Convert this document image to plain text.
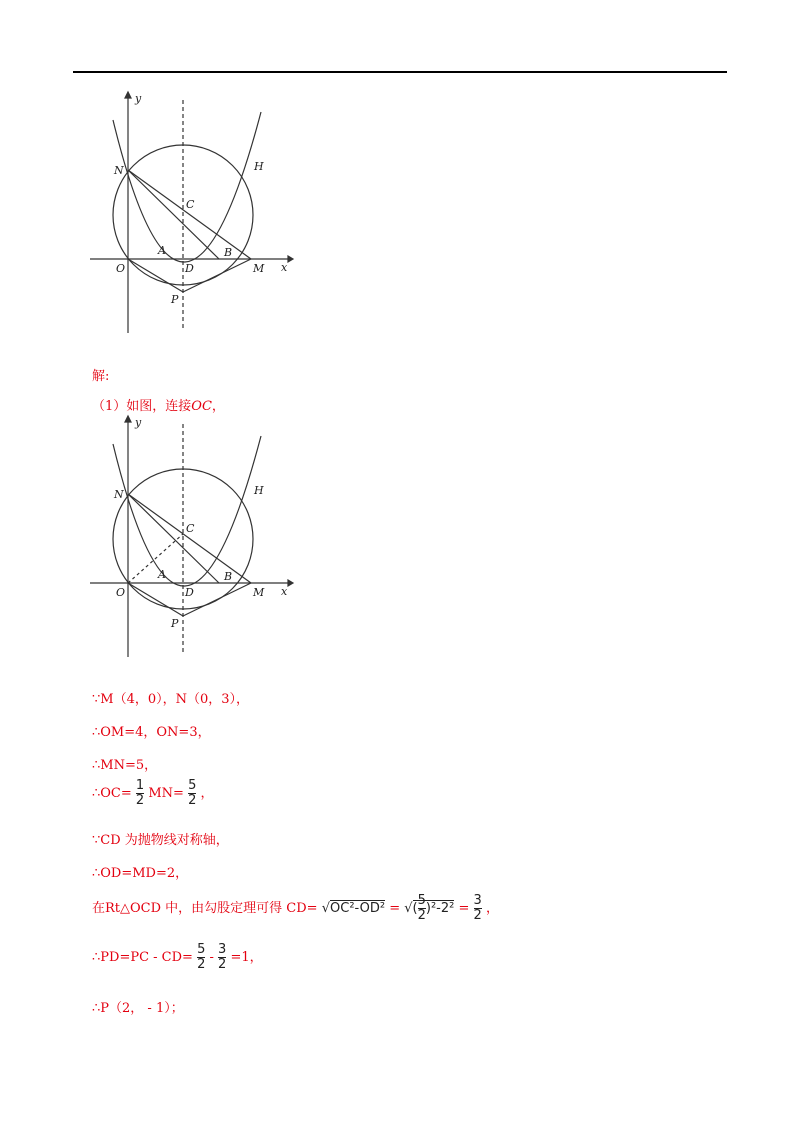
y
x
N	H
C
A	B
O	D	M
P
解:
（1）如图，连接OC，
y
x
N	H
C
A	B
O	D	M
P
∵M（4，0），N（0，3），
∴OM=4，ON=3，
∴MN=5，
∴OC= $\frac{1}{2} MN= \frac{5}{2}$ ，
∵CD 为抛物线对称轴，
∴OD=MD=2，
在Rt△OCD 中，由勾股定理可得 CD= √OC²-OD² = √( $\frac{5}{2} )^2-2^2 = \frac{3}{2}$ ，
∴PD=PC - $CD= \frac{5}{2} - \frac{3}{2} =1$，
∴P（2， - 1）；
